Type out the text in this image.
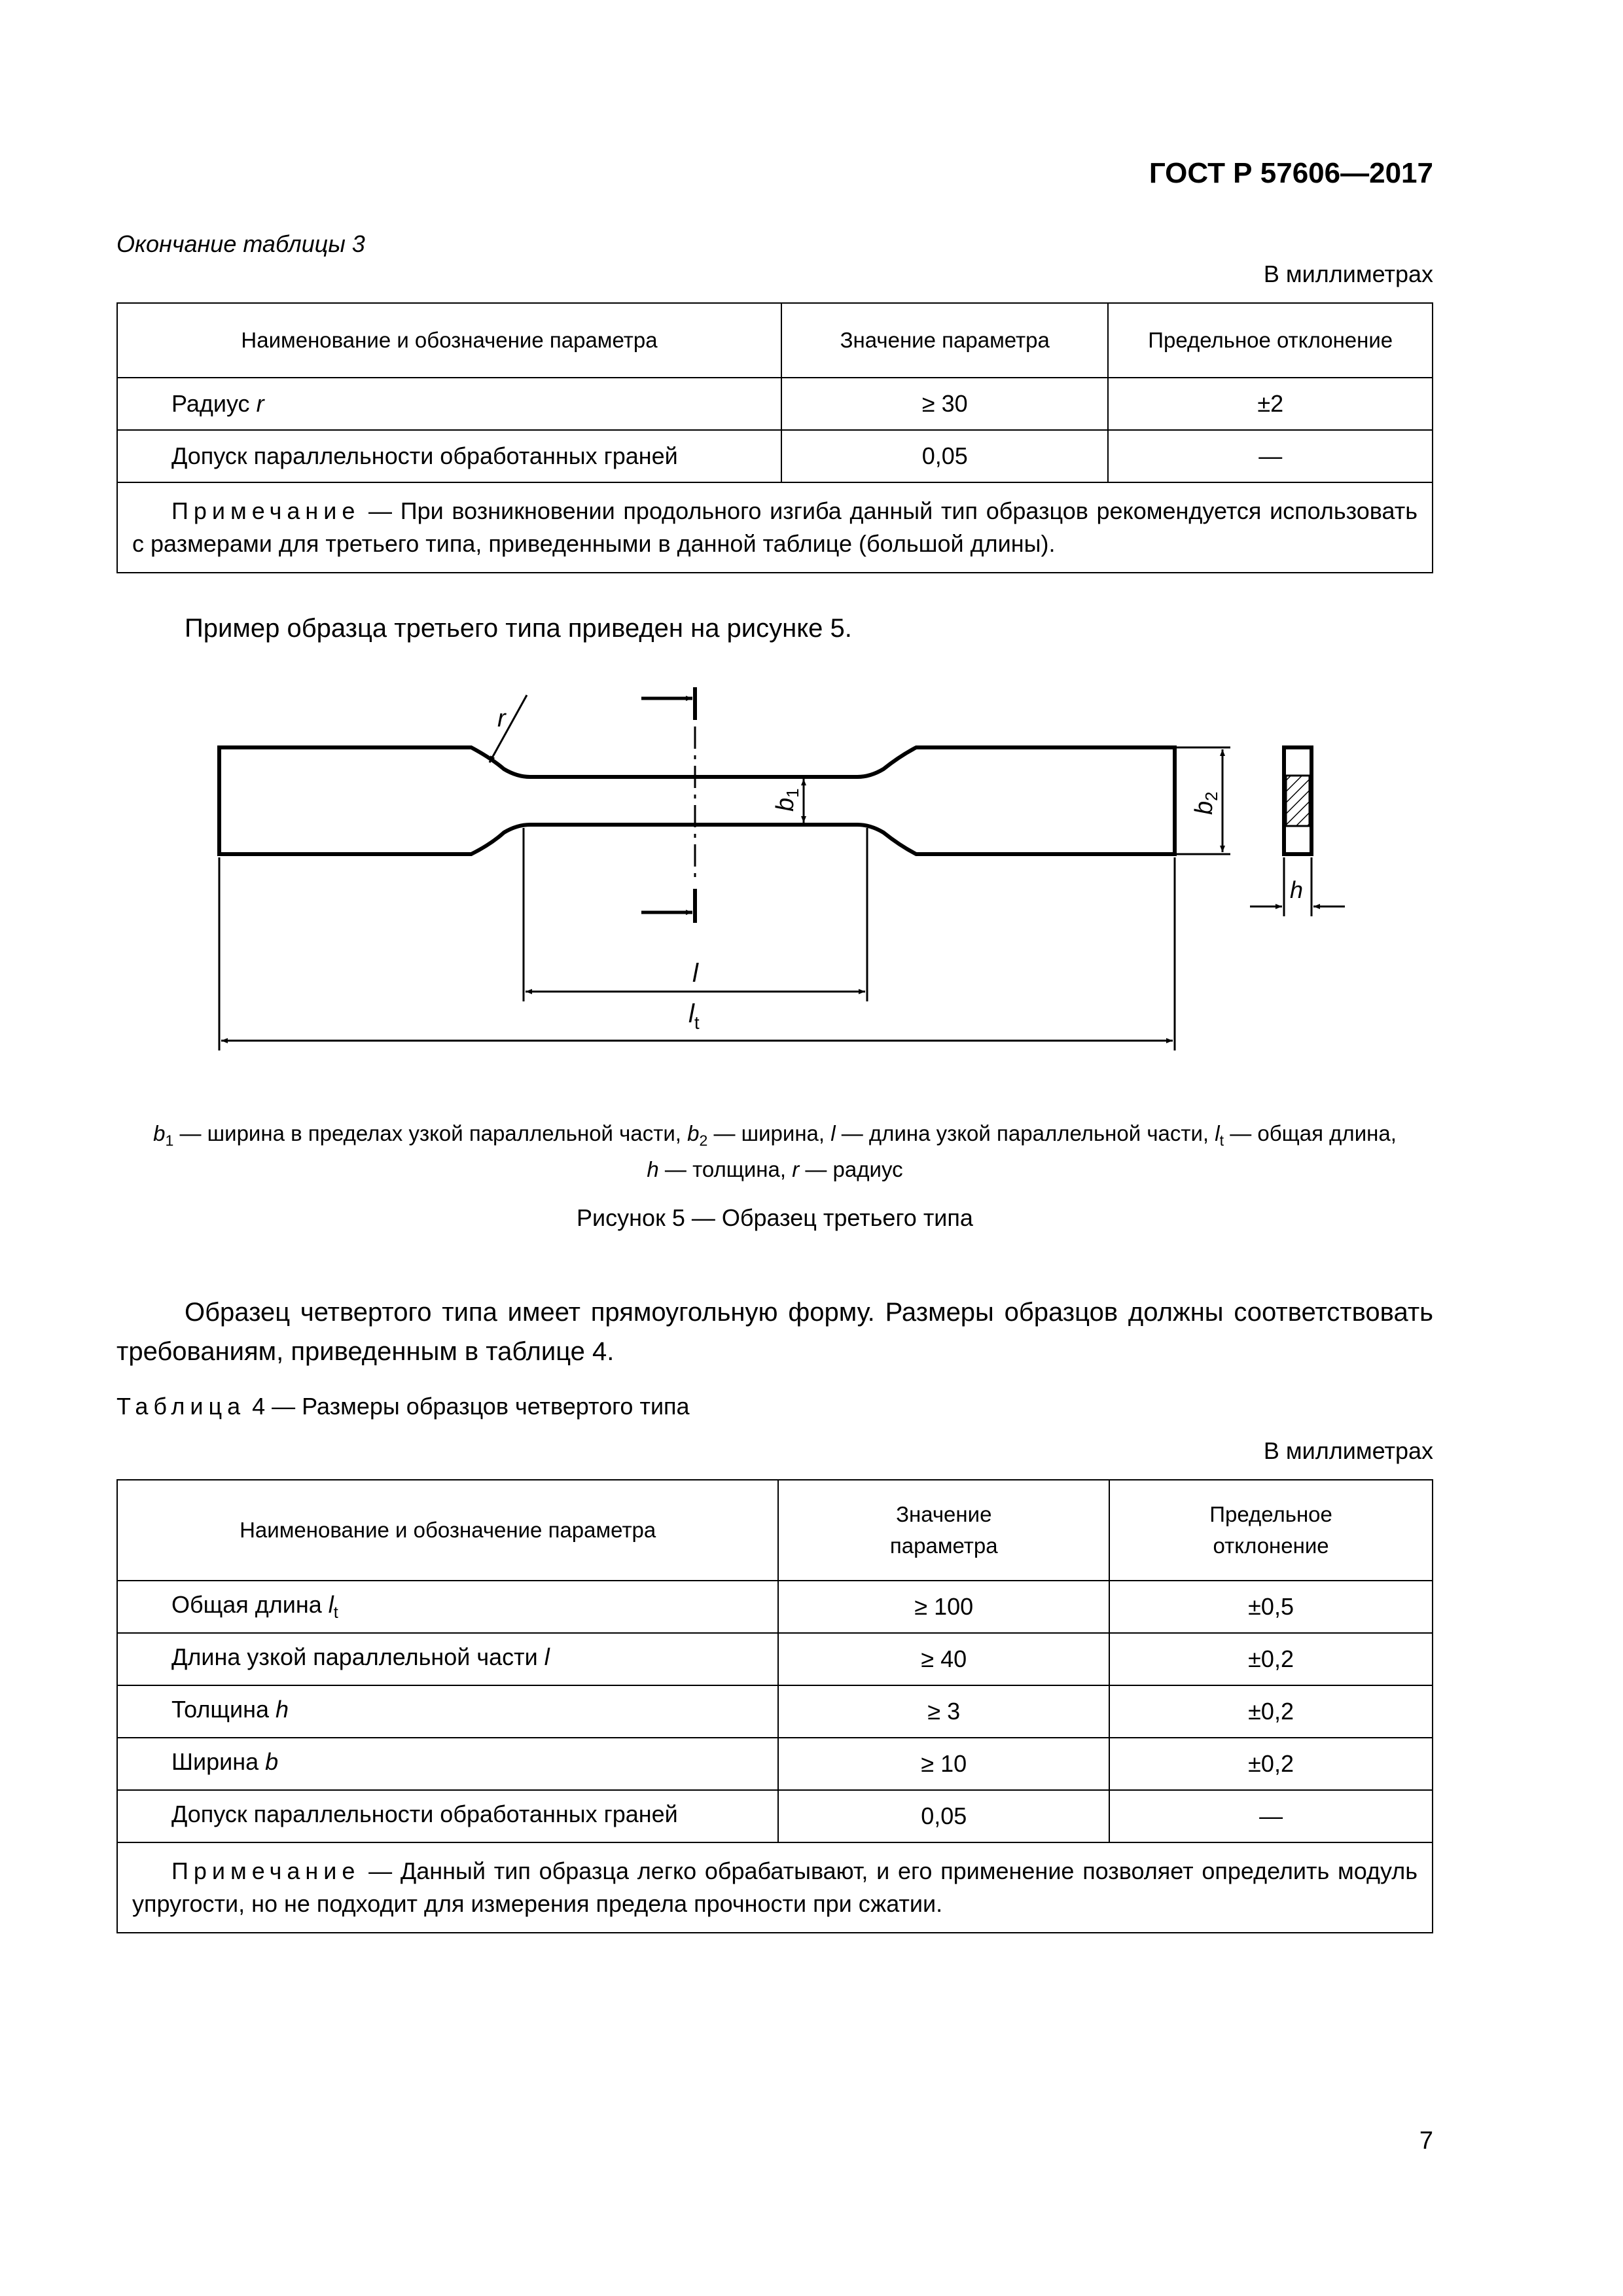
ГОСТ Р 57606—2017
Окончание таблицы 3
В миллиметрах
Наименование и обозначение параметра	Значение параметра	Предельное отклонение
Радиус r	≥ 30	±2
Допуск параллельности обработанных граней	0,05	—
Примечание — При возникновении продольного изгиба данный тип образцов рекомендуется использовать с размерами для третьего типа, приведенными в данной таблице (большой длины).		
Пример образца третьего типа приведен на рисунке 5.
r
$b_1$
$b_2$
l
$l_t$
h
$b_1$ — ширина в пределах узкой параллельной части, $b_2$ — ширина, l — длина узкой параллельной части, $l_t$ — общая длина,
h — толщина, r — радиус
Рисунок 5 — Образец третьего типа
Образец четвертого типа имеет прямоугольную форму. Размеры образцов должны соответствовать требованиям, приведенным в таблице 4.
Таблица 4 — Размеры образцов четвертого типа
В миллиметрах
Наименование и обозначение параметра	Значение параметра	Предельное отклонение
Общая длина $l_t$	≥ 100	±0,5
Длина узкой параллельной части l	≥ 40	±0,2
Толщина h	≥ 3	±0,2
Ширина b	≥ 10	±0,2
Допуск параллельности обработанных граней	0,05	—
Примечание — Данный тип образца легко обрабатывают, и его применение позволяет определить модуль упругости, но не подходит для измерения предела прочности при сжатии.		
7
